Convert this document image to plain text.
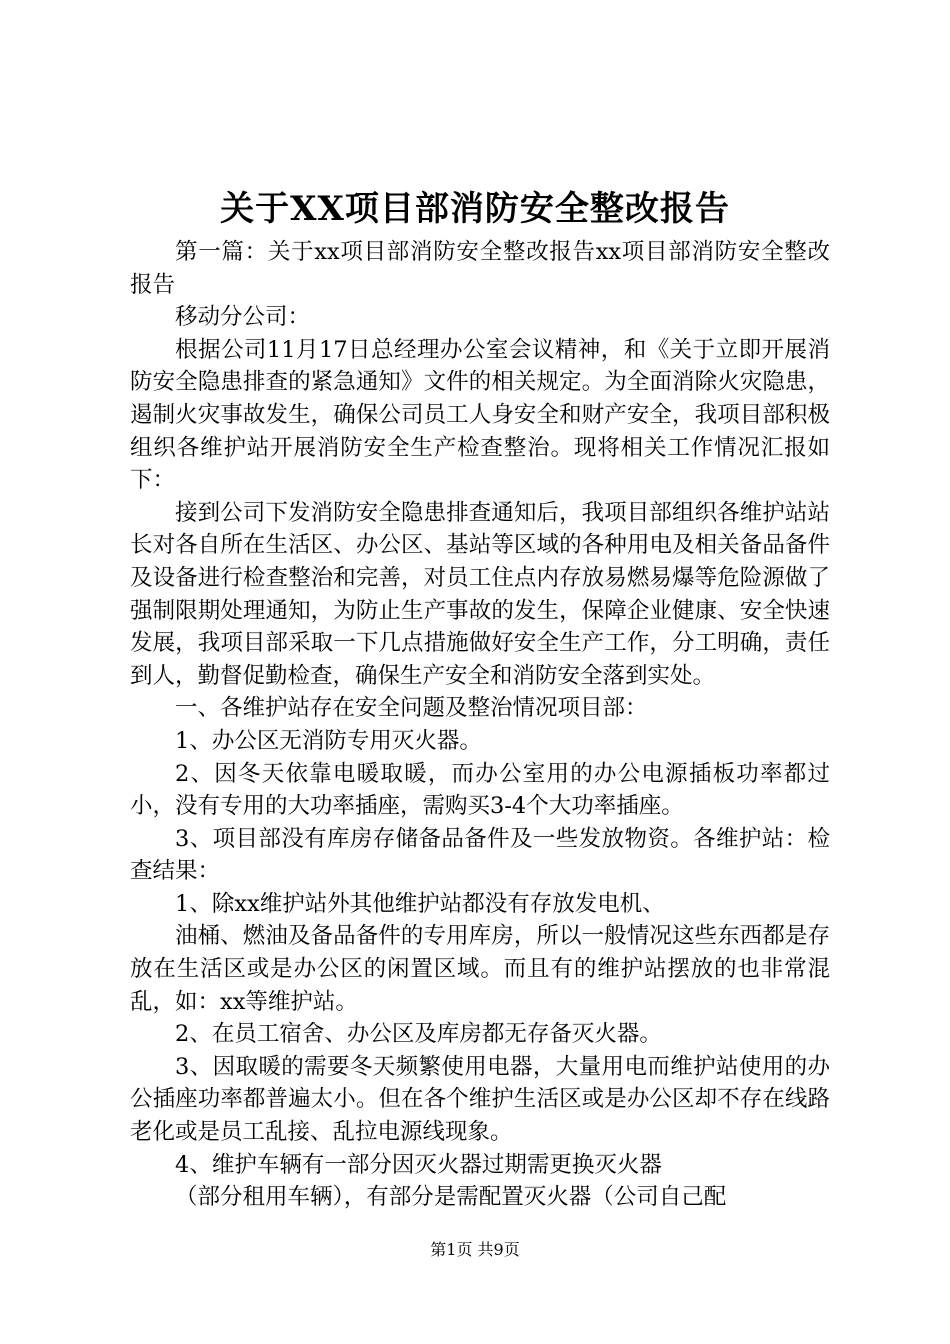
关于XX项目部消防安全整改报告

第一篇：关于xx项目部消防安全整改报告xx项目部消防安全整改报告

移动分公司：

根据公司11月17日总经理办公室会议精神，和《关于立即开展消防安全隐患排查的紧急通知》文件的相关规定。为全面消除火灾隐患，遏制火灾事故发生，确保公司员工人身安全和财产安全，我项目部积极组织各维护站开展消防安全生产检查整治。现将相关工作情况汇报如下：

接到公司下发消防安全隐患排查通知后，我项目部组织各维护站站长对各自所在生活区、办公区、基站等区域的各种用电及相关备品备件及设备进行检查整治和完善，对员工住点内存放易燃易爆等危险源做了强制限期处理通知，为防止生产事故的发生，保障企业健康、安全快速发展，我项目部采取一下几点措施做好安全生产工作，分工明确，责任到人，勤督促勤检查，确保生产安全和消防安全落到实处。

一、各维护站存在安全问题及整治情况项目部：

1、办公区无消防专用灭火器。

2、因冬天依靠电暖取暖，而办公室用的办公电源插板功率都过小，没有专用的大功率插座，需购买3-4个大功率插座。

3、项目部没有库房存储备品备件及一些发放物资。各维护站：检查结果：

1、除xx维护站外其他维护站都没有存放发电机、

油桶、燃油及备品备件的专用库房，所以一般情况这些东西都是存放在生活区或是办公区的闲置区域。而且有的维护站摆放的也非常混乱，如：xx等维护站。

2、在员工宿舍、办公区及库房都无存备灭火器。

3、因取暖的需要冬天频繁使用电器，大量用电而维护站使用的办公插座功率都普遍太小。但在各个维护生活区或是办公区却不存在线路老化或是员工乱接、乱拉电源线现象。

4、维护车辆有一部分因灭火器过期需更换灭火器

（部分租用车辆），有部分是需配置灭火器（公司自己配

第1页 共9页
